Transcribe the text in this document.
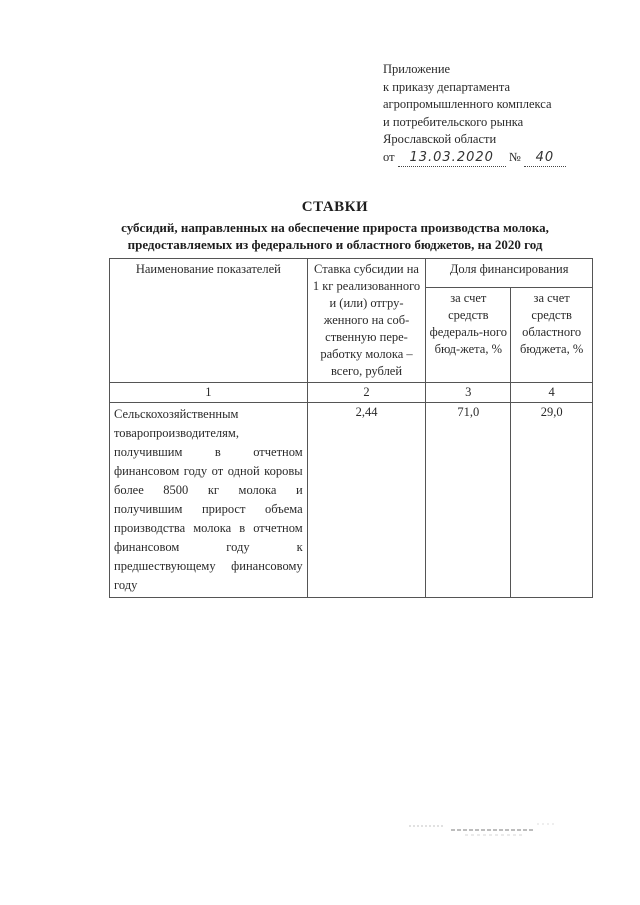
Приложение
к приказу департамента
агропромышленного комплекса
и потребительского рынка
Ярославской области
от 13.03.2020 № 40
СТАВКИ
субсидий, направленных на обеспечение прироста производства молока, предоставляемых из федерального и областного бюджетов, на 2020 год
Наименование показателей	Ставка субсидии на 1 кг реализованного и (или) отгру-женного на соб-ственную пере-работку молока – всего, рублей	Доля финансирования	
		за счет средств федераль-ного бюд-жета, %	за счет средств областного бюджета, %
1	2	3	4
Сельскохозяйственным товаропроизводителям, получившим в отчетном финансовом году от одной коровы более 8500 кг молока и получившим прирост объема производства молока в отчетном финансовом году к предшествующему финансовому году	2,44	71,0	29,0
